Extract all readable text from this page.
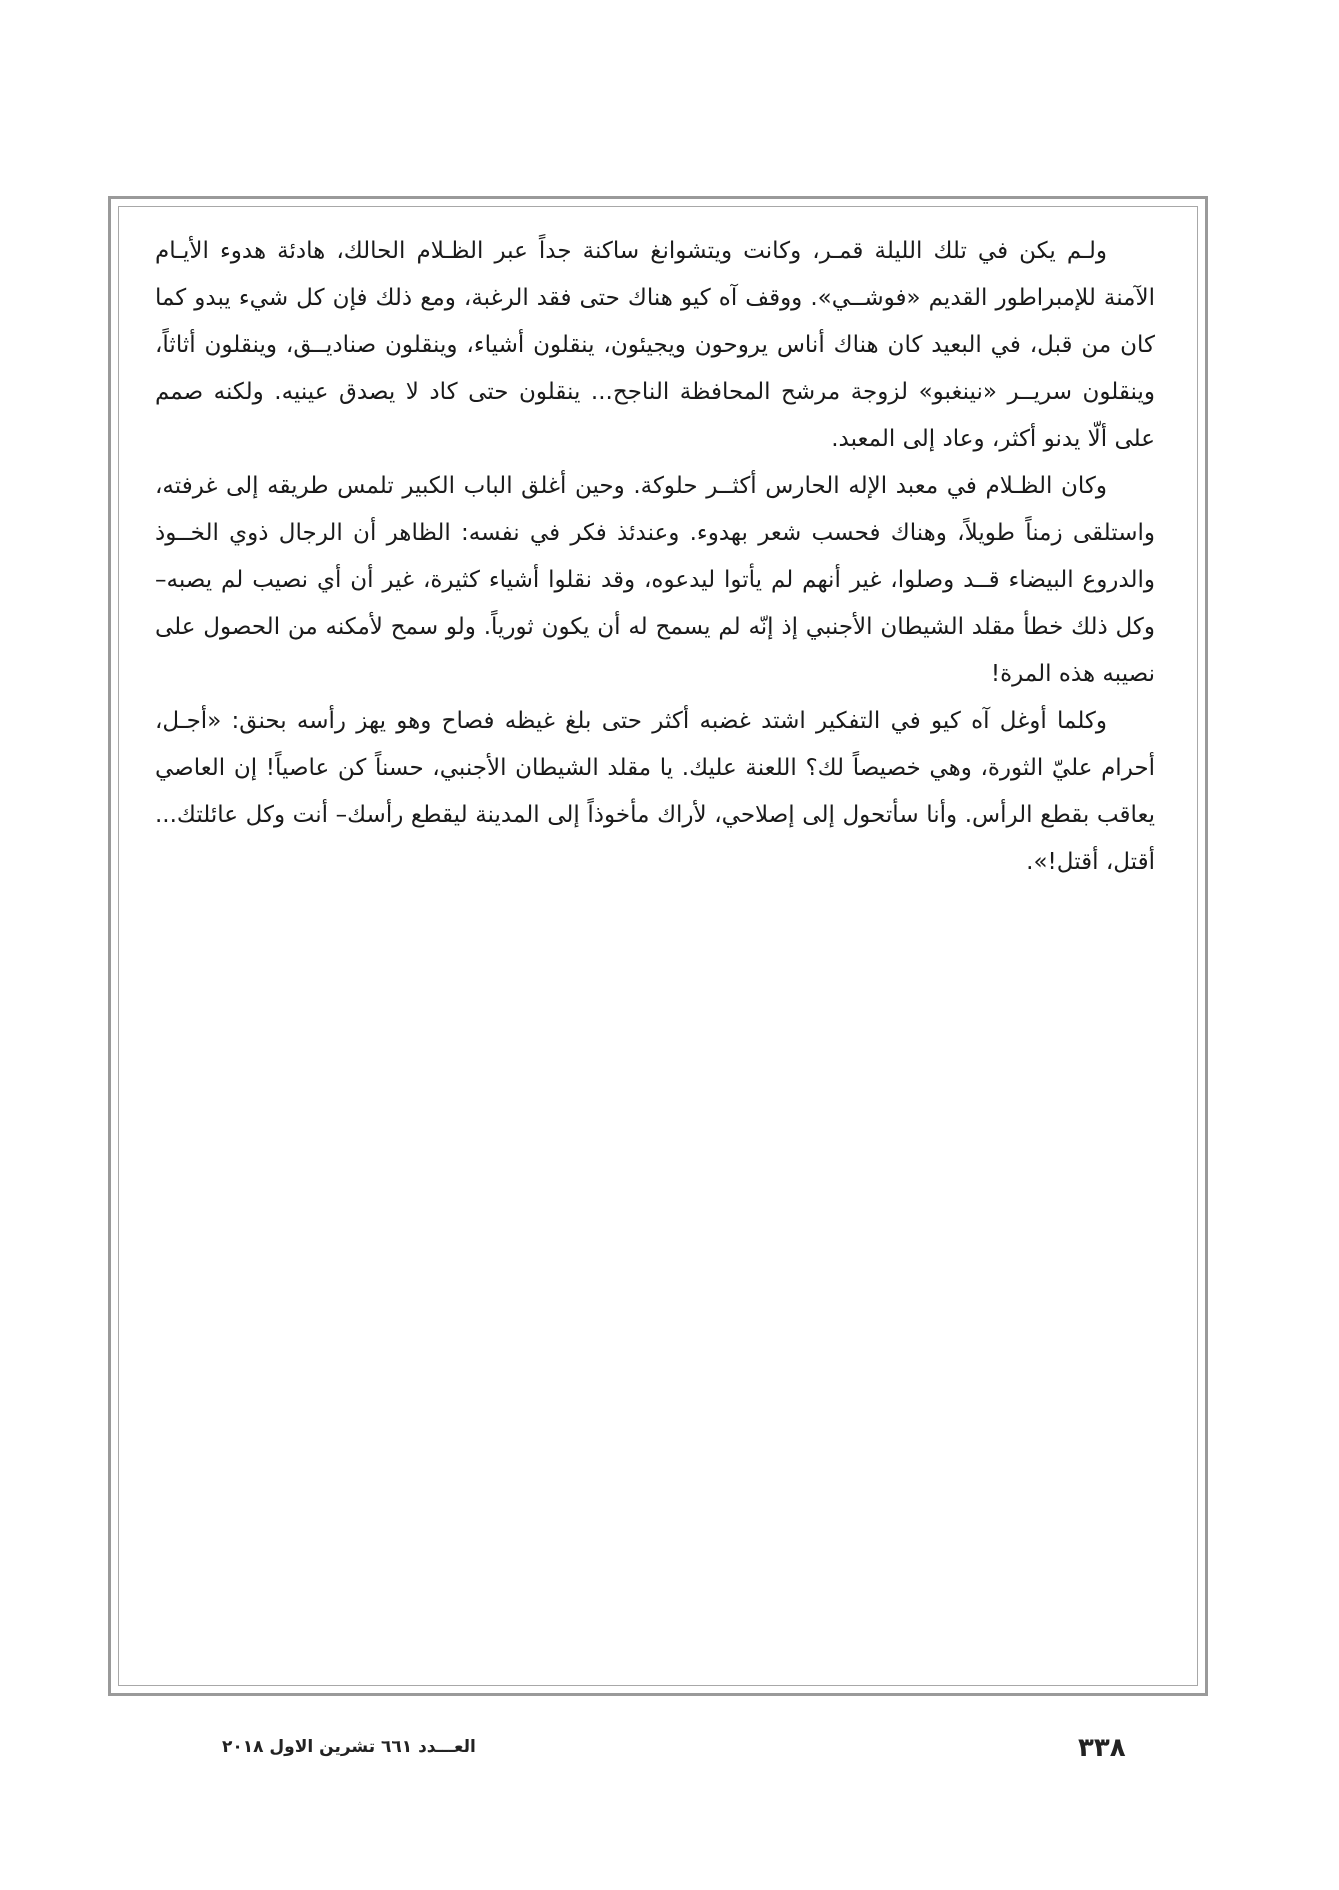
ولـم يكن في تلك الليلة قمـر، وكانت ويتشوانغ ساكنة جداً عبر الظـلام الحالك، هادئة هدوء الأيـام الآمنة للإمبراطور القديم «فوشــي». ووقف آه كيو هناك حتى فقد الرغبة، ومع ذلك فإن كل شيء يبدو كما كان من قبل، في البعيد كان هناك أناس يروحون ويجيئون، ينقلون أشياء، وينقلون صناديــق، وينقلون أثاثاً، وينقلون سريــر «نينغبو» لزوجة مرشح المحافظة الناجح... ينقلون حتى كاد لا يصدق عينيه. ولكنه صمم على ألّا يدنو أكثر، وعاد إلى المعبد.

وكان الظـلام في معبد الإله الحارس أكثــر حلوكة. وحين أغلق الباب الكبير تلمس طريقه إلى غرفته، واستلقى زمناً طويلاً، وهناك فحسب شعر بهدوء. وعندئذ فكر في نفسه: الظاهر أن الرجال ذوي الخــوذ والدروع البيضاء قــد وصلوا، غير أنهم لم يأتوا ليدعوه، وقد نقلوا أشياء كثيرة، غير أن أي نصيب لم يصبه– وكل ذلك خطأ مقلد الشيطان الأجنبي إذ إنّه لم يسمح له أن يكون ثورياً. ولو سمح لأمكنه من الحصول على نصيبه هذه المرة!

وكلما أوغل آه كيو في التفكير اشتد غضبه أكثر حتى بلغ غيظه فصاح وهو يهز رأسه بحنق: «أجـل، أحرام عليّ الثورة، وهي خصيصاً لك؟ اللعنة عليك. يا مقلد الشيطان الأجنبي، حسناً كن عاصياً! إن العاصي يعاقب بقطع الرأس. وأنا سأتحول إلى إصلاحي، لأراك مأخوذاً إلى المدينة ليقطع رأسك– أنت وكل عائلتك... أقتل، أقتل!».

٣٣٨
العـــدد ٦٦١ تشرين الاول ٢٠١٨
